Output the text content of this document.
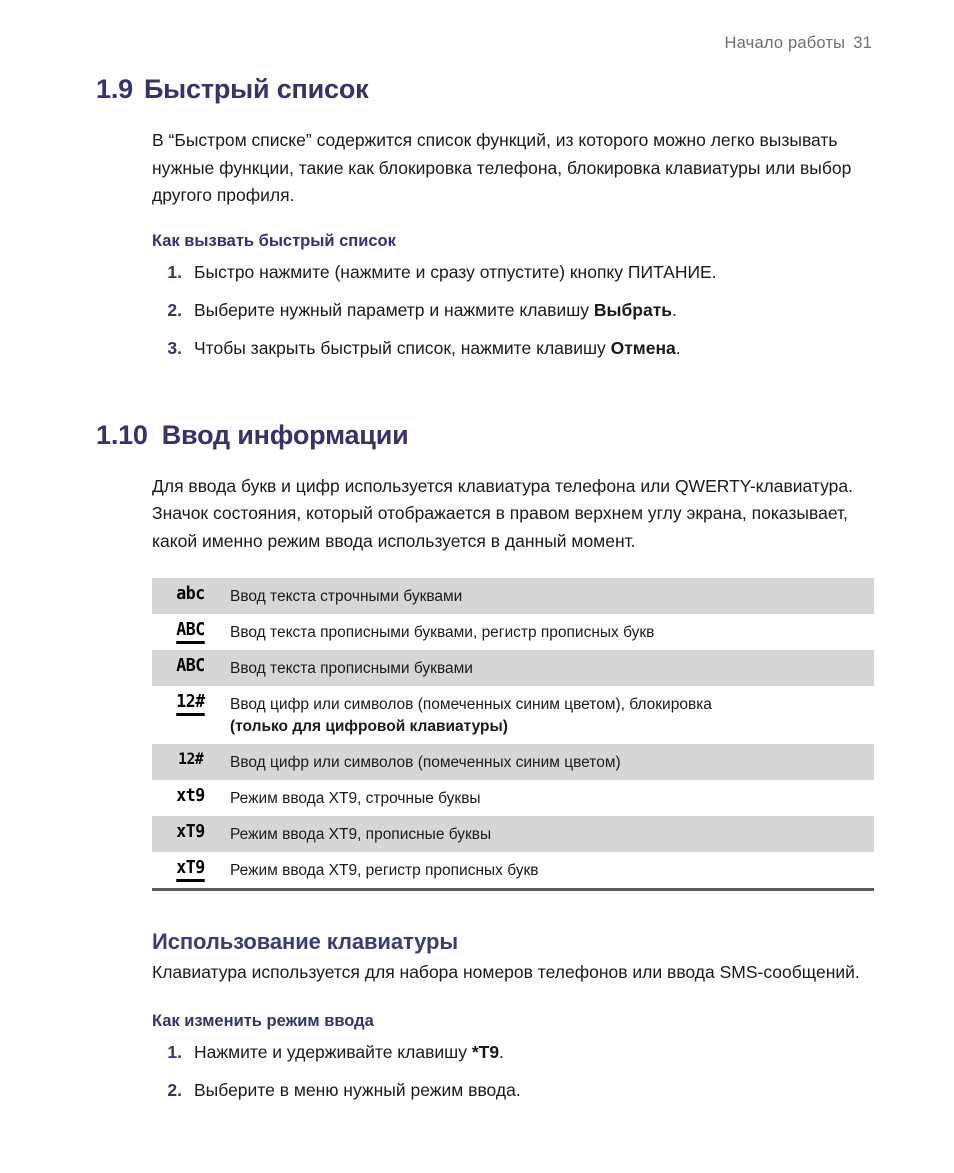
Начало работы 31
1.9 Быстрый список

В “Быстром списке” содержится список функций, из которого можно легко вызывать нужные функции, такие как блокировка телефона, блокировка клавиатуры или выбор другого профиля.

Как вызвать быстрый список
1. Быстро нажмите (нажмите и сразу отпустите) кнопку ПИТАНИЕ.
2. Выберите нужный параметр и нажмите клавишу Выбрать.
3. Чтобы закрыть быстрый список, нажмите клавишу Отмена.
1.10 Ввод информации

Для ввода букв и цифр используется клавиатура телефона или QWERTY-клавиатура. Значок состояния, который отображается в правом верхнем углу экрана, показывает, какой именно режим ввода используется в данный момент.

abc	Ввод текста строчными буквами
ABC	Ввод текста прописными буквами, регистр прописных букв
ABC	Ввод текста прописными буквами
12#	Ввод цифр или символов (помеченных синим цветом), блокировка
(только для цифровой клавиатуры)
12#	Ввод цифр или символов (помеченных синим цветом)
xt9	Режим ввода XT9, строчные буквы
xT9	Режим ввода XT9, прописные буквы
xT9	Режим ввода XT9, регистр прописных букв
Использование клавиатуры

Клавиатура используется для набора номеров телефонов или ввода SMS-сообщений.

Как изменить режим ввода
1. Нажмите и удерживайте клавишу *T9.
2. Выберите в меню нужный режим ввода.
